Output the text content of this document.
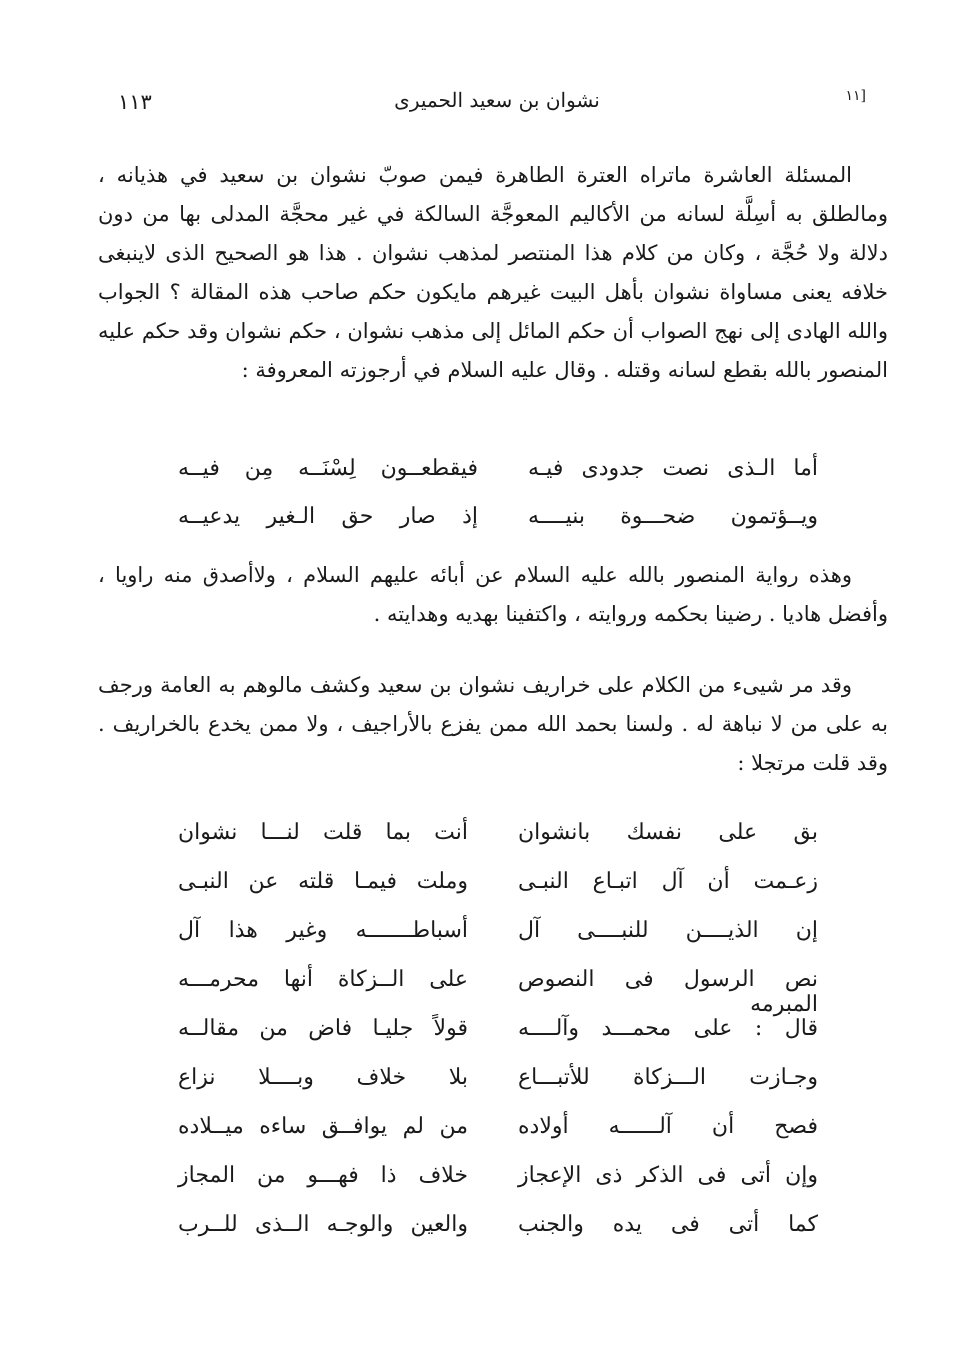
[١١
نشوان بن سعيد الحميرى
١١٣

المسئلة العاشرة ماتراه العترة الطاهرة فيمن صوبّ نشوان بن سعيد في هذيانه ، ومالطلق به أسِلَّة لسانه من الأكاليم المعوجَّة السالكة في غير محجَّة المدلى بها من دون دلالة ولا حُجَّة ، وكان من كلام هذا المنتصر لمذهب نشوان . هذا هو الصحيح الذى لاينبغى خلافه يعنى مساواة نشوان بأهل البيت غيرهم مايكون حكم صاحب هذه المقالة ؟ الجواب والله الهادى إلى نهج الصواب أن حكم المائل إلى مذهب نشوان ، حكم نشوان وقد حكم عليه المنصور بالله بقطع لسانه وقتله . وقال عليه السلام في أرجوزته المعروفة :

أما الـذى نصت جدودى فيـه
فيقطعــون لِسْنَــه مِن فيــه
ويــؤتمون ضحـــوة بنيــــه
إذ صار حق الـغير يدعيــه

وهذه رواية المنصور بالله عليه السلام عن أبائه عليهم السلام ، ولاأصدق منه راويا ، وأفضل هاديا . رضينا بحكمه وروايته ، واكتفينا بهديه وهدايته .

وقد مر شيىء من الكلام على خراريف نشوان بن سعيد وكشف مالوهم به العامة ورجف به على من لا نباهة له . ولسنا بحمد الله ممن يفزع بالأراجيف ، ولا ممن يخدع بالخراريف . وقد قلت مرتجلا :

بق على نفسك بانشوان
أنت بما قلت لنـــا نشوان
زعـمت أن آل اتبـاع النبـى
وملت فيمـا قلته عن النبـى
إن الذيــــن للنبــــى آل
أسباطـــــــه وغير هذا آل
نص الرسول فى النصوص المبرمه
على الــزكاة أنها محرمـــه
قال : على محمـــد وآلــــه
قولاً جليـا فاض من مقالــه
وجـازت الـــزكاة للأتبـــاع
بلا خلاف وبــــلا نزاع
فصح أن آلــــــه أولاده
من لم يوافــق ساءه ميــلاده
وإن أتى فى الذكر ذى الإعجاز
خلاف ذا فهـــو من المجاز
كما أتى فى يده والجنب
والعين والوجـه الــذى للــرب
